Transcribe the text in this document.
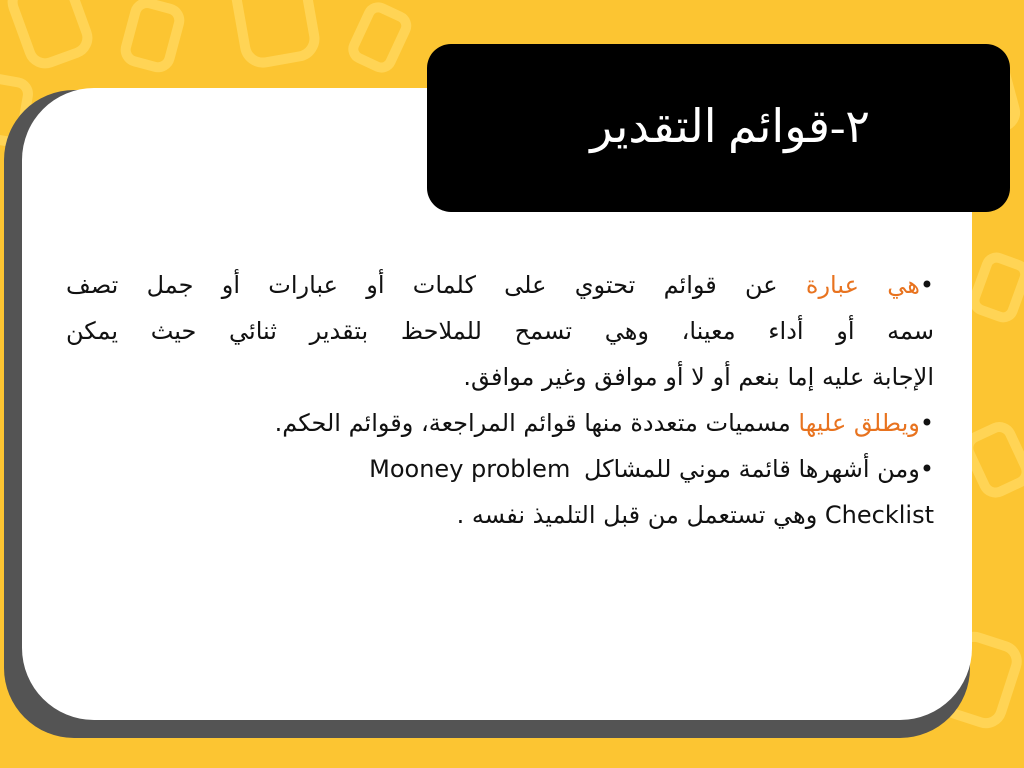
٢-قوائم التقدير
•هي عبارة عن قوائم تحتوي على كلمات أو عبارات أو جمل تصف
سمه أو أداء معينا، وهي تسمح للملاحظ بتقدير ثنائي حيث يمكن
الإجابة عليه إما بنعم أو لا أو موافق وغير موافق.
•ويطلق عليها مسميات متعددة منها قوائم المراجعة، وقوائم الحكم.
•ومن أشهرها قائمة موني للمشاكل Mooney problem
Checklist وهي تستعمل من قبل التلميذ نفسه .
